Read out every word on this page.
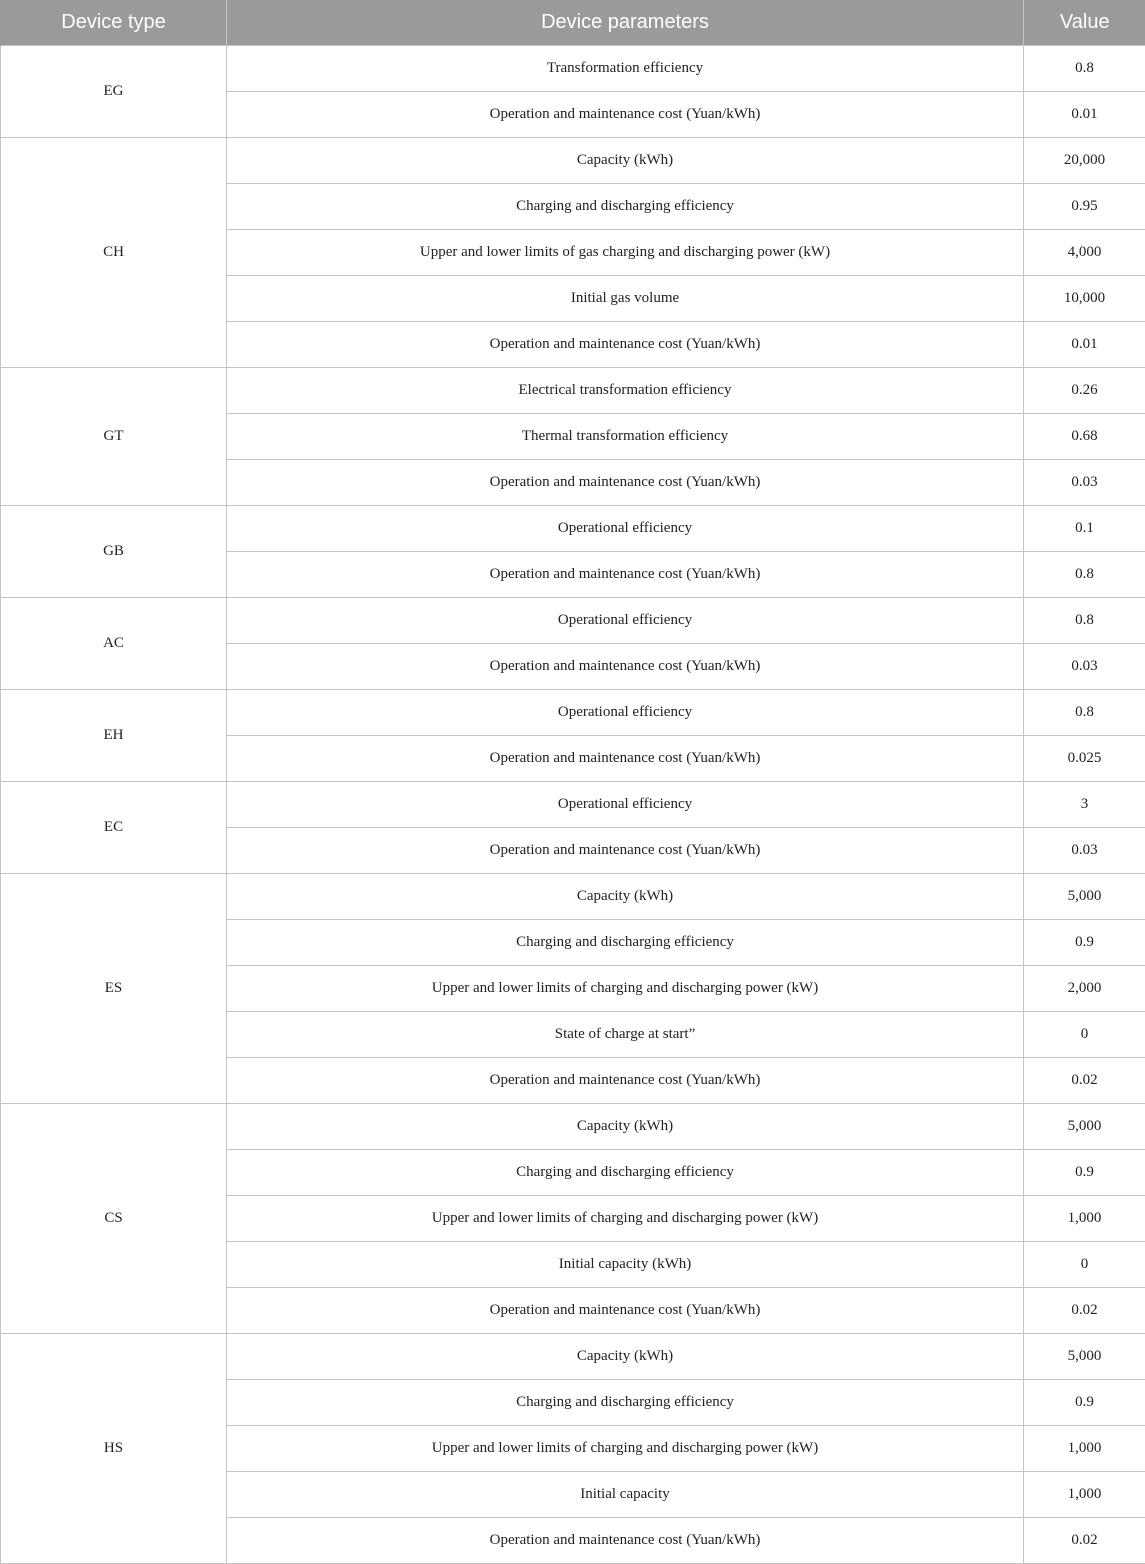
Device type	Device parameters	Value
EG	Transformation efficiency	0.8
	Operation and maintenance cost (Yuan/kWh)	0.01
CH	Capacity (kWh)	20,000
	Charging and discharging efficiency	0.95
	Upper and lower limits of gas charging and discharging power (kW)	4,000
	Initial gas volume	10,000
	Operation and maintenance cost (Yuan/kWh)	0.01
GT	Electrical transformation efficiency	0.26
	Thermal transformation efficiency	0.68
	Operation and maintenance cost (Yuan/kWh)	0.03
GB	Operational efficiency	0.1
	Operation and maintenance cost (Yuan/kWh)	0.8
AC	Operational efficiency	0.8
	Operation and maintenance cost (Yuan/kWh)	0.03
EH	Operational efficiency	0.8
	Operation and maintenance cost (Yuan/kWh)	0.025
EC	Operational efficiency	3
	Operation and maintenance cost (Yuan/kWh)	0.03
ES	Capacity (kWh)	5,000
	Charging and discharging efficiency	0.9
	Upper and lower limits of charging and discharging power (kW)	2,000
	State of charge at start”	0
	Operation and maintenance cost (Yuan/kWh)	0.02
CS	Capacity (kWh)	5,000
	Charging and discharging efficiency	0.9
	Upper and lower limits of charging and discharging power (kW)	1,000
	Initial capacity (kWh)	0
	Operation and maintenance cost (Yuan/kWh)	0.02
HS	Capacity (kWh)	5,000
	Charging and discharging efficiency	0.9
	Upper and lower limits of charging and discharging power (kW)	1,000
	Initial capacity	1,000
	Operation and maintenance cost (Yuan/kWh)	0.02
